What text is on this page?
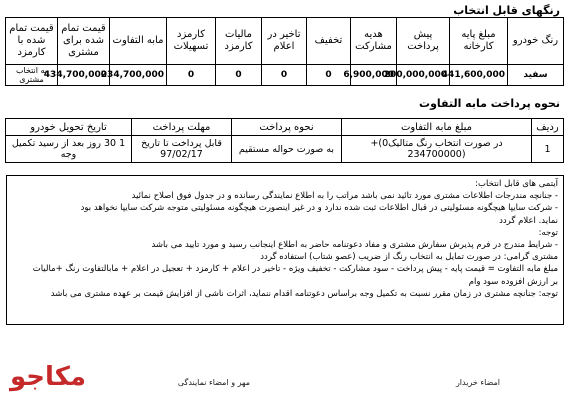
رنگهای قابل انتخاب
رنگ خودرو	مبلغ پایه کارخانه	پیش پرداخت	هدیه مشارکت	تخفیف	تاخیر در اعلام	مالیات کارمزد	کارمزد تسهیلات	مابه التفاوت	قیمت تمام شده برای مشتری	قیمت تمام شده با کارمزد
سفید	441,600,000	200,000,000	6,900,000	0	0	0	0	234,700,000	434,700,000	به انتخاب مشتری
نحوه پرداخت مابه التفاوت
ردیف	مبلغ مابه التفاوت	نحوه پرداخت	مهلت پرداخت	تاریخ تحویل خودرو
1	در صورت انتخاب رنگ متالیک0)+(234700000	به صورت حواله مستقیم	قابل پرداخت تا تاریخ 97/02/17	1 30 روز بعد از رسید تکمیل وجه
آیتمی های قابل انتخاب:
- جنانچه مندرجات اطلاعات مشتری مورد تائید نمی باشد مراتب را به اطلاع نمایندگی رسانده و در جدول فوق اصلاح نمائید
- شرکت سایپا هیچگونه مسئولیتی در قبال اطلاعات ثبت شده ندارد و در غیر اینصورت هیچگونه مسئولیتی متوجه شرکت سایپا نخواهد بود
نماید. اعلام گردد
توجه:
- شرایط مندرج در فرم پذیرش سفارش مشتری و مفاد دعوتنامه حاضر به اطلاع اینجانب رسید و مورد تایید می باشد
مشتری گرامی: در صورت تمایل به انتخاب رنگ از ضریب (عصو شتاب) استفاده گردد
مبلغ مابه التفاوت = قیمت پایه - پیش پرداخت - سود مشارکت - تخفیف ویژه - تاخیر در اعلام + کارمزد + تعجیل در اعلام + مابالتفاوت رنگ +مالیات
بر ارزش افزوده سود وام
توجه: جنانچه مشتری در زمان مقرر نسبت به تکمیل وجه براساس دعوتنامه اقدام ننماید، اثرات ناشی از افزایش قیمت بر عهده مشتری می باشد
امضاء خریدار
مهر و امضاء نمایندگی
مکاجو
